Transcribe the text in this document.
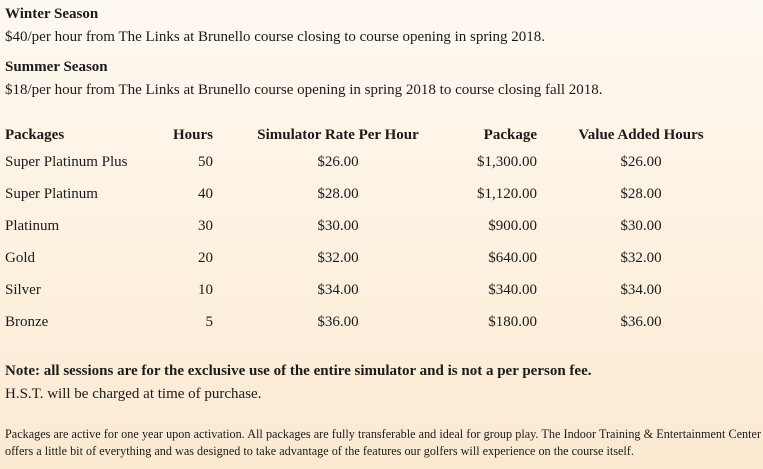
Winter Season
$40/per hour from The Links at Brunello course closing to course opening in spring 2018.
Summer Season
$18/per hour from The Links at Brunello course opening in spring 2018 to course closing fall 2018.
Packages	Hours	Simulator Rate Per Hour	Package	Value Added Hours
Super Platinum Plus	50	$26.00	$1,300.00	$26.00
Super Platinum	40	$28.00	$1,120.00	$28.00
Platinum	30	$30.00	$900.00	$30.00
Gold	20	$32.00	$640.00	$32.00
Silver	10	$34.00	$340.00	$34.00
Bronze	5	$36.00	$180.00	$36.00
Note: all sessions are for the exclusive use of the entire simulator and is not a per person fee.
H.S.T. will be charged at time of purchase.
Packages are active for one year upon activation. All packages are fully transferable and ideal for group play. The Indoor Training & Entertainment Center offers a little bit of everything and was designed to take advantage of the features our golfers will experience on the course itself.
